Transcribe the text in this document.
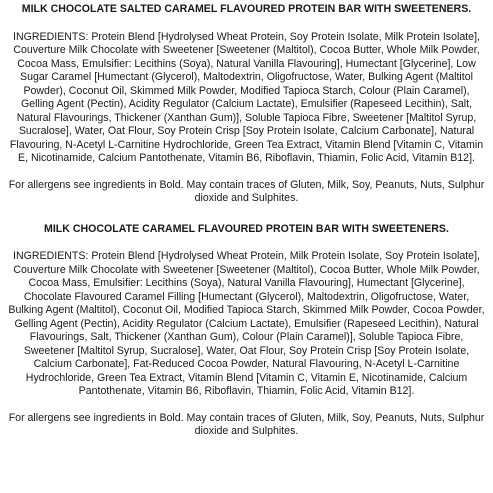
MILK CHOCOLATE SALTED CARAMEL FLAVOURED PROTEIN BAR WITH SWEETENERS.
INGREDIENTS: Protein Blend [Hydrolysed Wheat Protein, Soy Protein Isolate, Milk Protein Isolate], Couverture Milk Chocolate with Sweetener [Sweetener (Maltitol), Cocoa Butter, Whole Milk Powder, Cocoa Mass, Emulsifier: Lecithins (Soya), Natural Vanilla Flavouring], Humectant [Glycerine], Low Sugar Caramel [Humectant (Glycerol), Maltodextrin, Oligofructose, Water, Bulking Agent (Maltitol Powder), Coconut Oil, Skimmed Milk Powder, Modified Tapioca Starch, Colour (Plain Caramel), Gelling Agent (Pectin), Acidity Regulator (Calcium Lactate), Emulsifier (Rapeseed Lecithin), Salt, Natural Flavourings, Thickener (Xanthan Gum)], Soluble Tapioca Fibre, Sweetener [Maltitol Syrup, Sucralose], Water, Oat Flour, Soy Protein Crisp [Soy Protein Isolate, Calcium Carbonate], Natural Flavouring, N-Acetyl L-Carnitine Hydrochloride, Green Tea Extract, Vitamin Blend [Vitamin C, Vitamin E, Nicotinamide, Calcium Pantothenate, Vitamin B6, Riboflavin, Thiamin, Folic Acid, Vitamin B12].
For allergens see ingredients in Bold. May contain traces of Gluten, Milk, Soy, Peanuts, Nuts, Sulphur dioxide and Sulphites.
MILK CHOCOLATE CARAMEL FLAVOURED PROTEIN BAR WITH SWEETENERS.
INGREDIENTS: Protein Blend [Hydrolysed Wheat Protein, Milk Protein Isolate, Soy Protein Isolate], Couverture Milk Chocolate with Sweetener [Sweetener (Maltitol), Cocoa Butter, Whole Milk Powder, Cocoa Mass, Emulsifier: Lecithins (Soya), Natural Vanilla Flavouring], Humectant [Glycerine], Chocolate Flavoured Caramel Filling [Humectant (Glycerol), Maltodextrin, Oligofructose, Water, Bulking Agent (Maltitol), Coconut Oil, Modified Tapioca Starch, Skimmed Milk Powder, Cocoa Powder, Gelling Agent (Pectin), Acidity Regulator (Calcium Lactate), Emulsifier (Rapeseed Lecithin), Natural Flavourings, Salt, Thickener (Xanthan Gum), Colour (Plain Caramel)], Soluble Tapioca Fibre, Sweetener [Maltitol Syrup, Sucralose], Water, Oat Flour, Soy Protein Crisp [Soy Protein Isolate, Calcium Carbonate], Fat-Reduced Cocoa Powder, Natural Flavouring, N-Acetyl L-Carnitine Hydrochloride, Green Tea Extract, Vitamin Blend [Vitamin C, Vitamin E, Nicotinamide, Calcium Pantothenate, Vitamin B6, Riboflavin, Thiamin, Folic Acid, Vitamin B12].
For allergens see ingredients in Bold. May contain traces of Gluten, Milk, Soy, Peanuts, Nuts, Sulphur dioxide and Sulphites.
